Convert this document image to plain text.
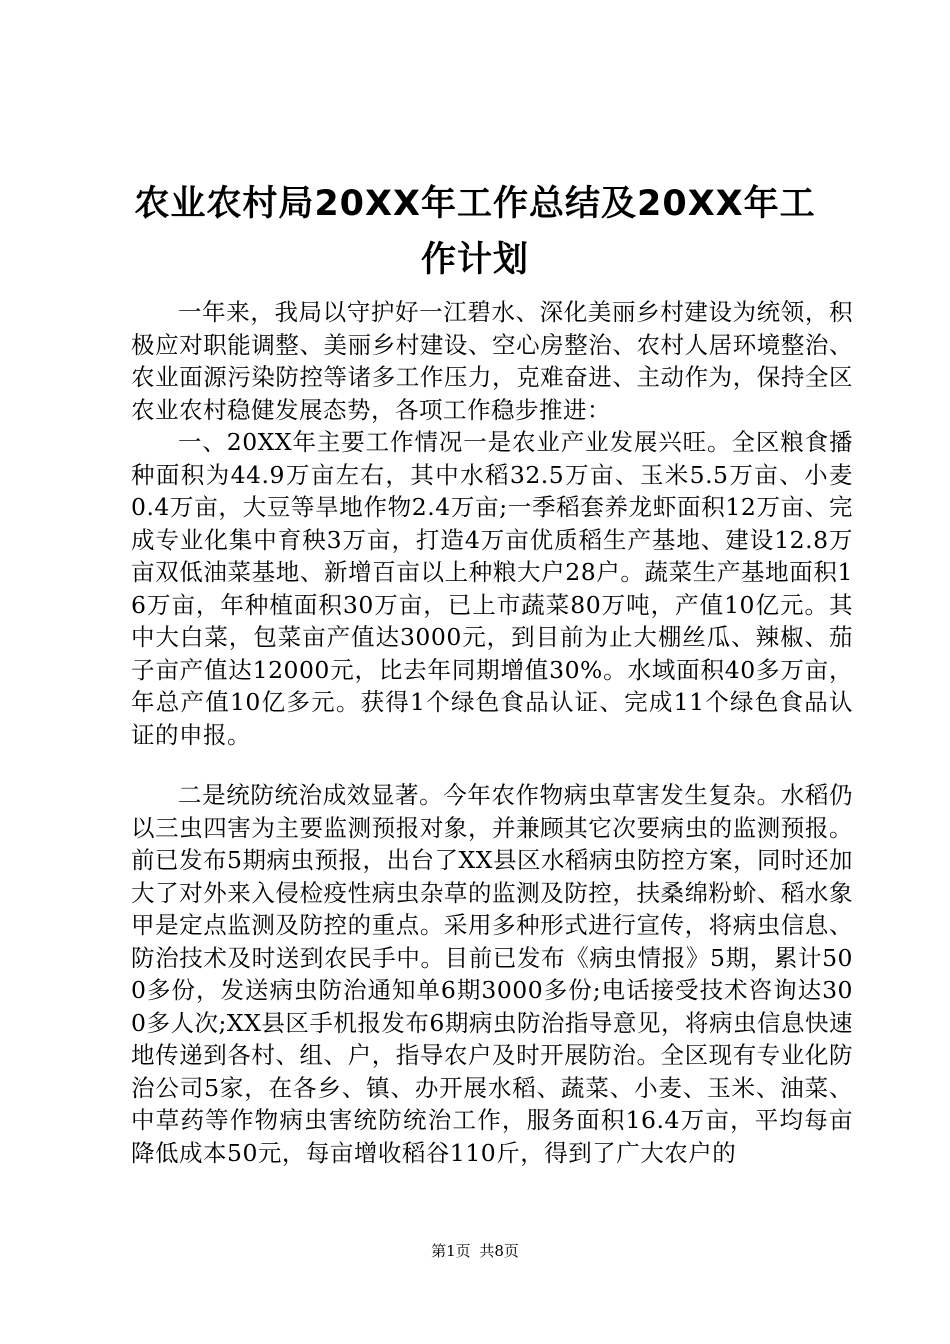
农业农村局20XX年工作总结及20XX年工作计划

一年来，我局以守护好一江碧水、深化美丽乡村建设为统领，积极应对职能调整、美丽乡村建设、空心房整治、农村人居环境整治、农业面源污染防控等诸多工作压力，克难奋进、主动作为，保持全区农业农村稳健发展态势，各项工作稳步推进：

一、20XX年主要工作情况一是农业产业发展兴旺。全区粮食播种面积为44.9万亩左右，其中水稻32.5万亩、玉米5.5万亩、小麦0.4万亩，大豆等旱地作物2.4万亩;一季稻套养龙虾面积12万亩、完成专业化集中育秧3万亩，打造4万亩优质稻生产基地、建设12.8万亩双低油菜基地、新增百亩以上种粮大户28户。蔬菜生产基地面积16万亩，年种植面积30万亩，已上市蔬菜80万吨，产值10亿元。其中大白菜，包菜亩产值达3000元，到目前为止大棚丝瓜、辣椒、茄子亩产值达12000元，比去年同期增值30%。水域面积40多万亩，年总产值10亿多元。获得1个绿色食品认证、完成11个绿色食品认证的申报。

二是统防统治成效显著。今年农作物病虫草害发生复杂。水稻仍以三虫四害为主要监测预报对象，并兼顾其它次要病虫的监测预报。前已发布5期病虫预报，出台了XX县区水稻病虫防控方案，同时还加大了对外来入侵检疫性病虫杂草的监测及防控，扶桑绵粉蚧、稻水象甲是定点监测及防控的重点。采用多种形式进行宣传，将病虫信息、防治技术及时送到农民手中。目前已发布《病虫情报》5期，累计500多份，发送病虫防治通知单6期3000多份;电话接受技术咨询达300多人次;XX县区手机报发布6期病虫防治指导意见，将病虫信息快速地传递到各村、组、户，指导农户及时开展防治。全区现有专业化防治公司5家，在各乡、镇、办开展水稻、蔬菜、小麦、玉米、油菜、中草药等作物病虫害统防统治工作，服务面积16.4万亩，平均每亩降低成本50元，每亩增收稻谷110斤，得到了广大农户的

第1页 共8页
